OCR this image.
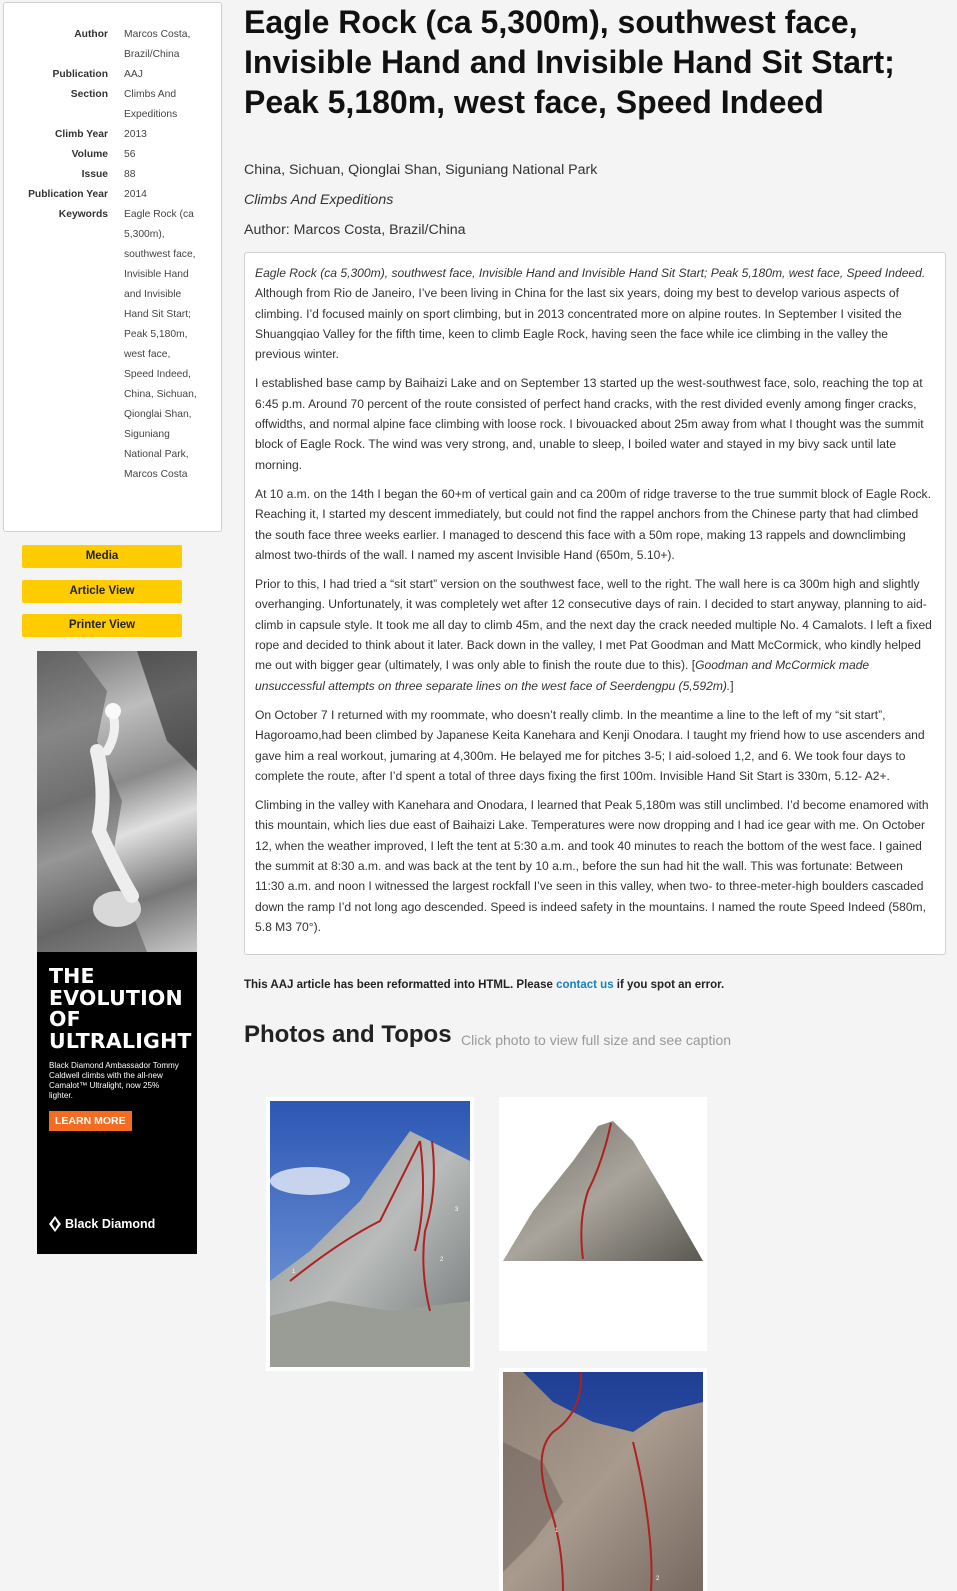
Author	Marcos Costa, Brazil/China
Publication	AAJ
Section	Climbs And Expeditions
Climb Year	2013
Volume	56
Issue	88
Publication Year	2014
Keywords	Eagle Rock (ca 5,300m), southwest face, Invisible Hand and Invisible Hand Sit Start; Peak 5,180m, west face, Speed Indeed, China, Sichuan, Qionglai Shan, Siguniang National Park, Marcos Costa
Media
Article View
Printer View
THE EVOLUTION OF ULTRALIGHT
Black Diamond Ambassador Tommy Caldwell climbs with the all-new Camalot™ Ultralight, now 25% lighter.
LEARN MORE
Black Diamond
Eagle Rock (ca 5,300m), southwest face, Invisible Hand and Invisible Hand Sit Start; Peak 5,180m, west face, Speed Indeed
China, Sichuan, Qionglai Shan, Siguniang National Park
Climbs And Expeditions
Author: Marcos Costa, Brazil/China

Eagle Rock (ca 5,300m), southwest face, Invisible Hand and Invisible Hand Sit Start; Peak 5,180m, west face, Speed Indeed. Although from Rio de Janeiro, I’ve been living in China for the last six years, doing my best to develop various aspects of climbing. I’d focused mainly on sport climbing, but in 2013 concentrated more on alpine routes. In September I visited the Shuangqiao Valley for the fifth time, keen to climb Eagle Rock, having seen the face while ice climbing in the valley the previous winter.

I established base camp by Baihaizi Lake and on September 13 started up the west-southwest face, solo, reaching the top at 6:45 p.m. Around 70 percent of the route consisted of perfect hand cracks, with the rest divided evenly among finger cracks, offwidths, and normal alpine face climbing with loose rock. I bivouacked about 25m away from what I thought was the summit block of Eagle Rock. The wind was very strong, and, unable to sleep, I boiled water and stayed in my bivy sack until late morning.

At 10 a.m. on the 14th I began the 60+m of vertical gain and ca 200m of ridge traverse to the true summit block of Eagle Rock. Reaching it, I started my descent immediately, but could not find the rappel anchors from the Chinese party that had climbed the south face three weeks earlier. I managed to descend this face with a 50m rope, making 13 rappels and downclimbing almost two-thirds of the wall. I named my ascent Invisible Hand (650m, 5.10+).

Prior to this, I had tried a “sit start” version on the southwest face, well to the right. The wall here is ca 300m high and slightly overhanging. Unfortunately, it was completely wet after 12 consecutive days of rain. I decided to start anyway, planning to aid-climb in capsule style. It took me all day to climb 45m, and the next day the crack needed multiple No. 4 Camalots. I left a fixed rope and decided to think about it later. Back down in the valley, I met Pat Goodman and Matt McCormick, who kindly helped me out with bigger gear (ultimately, I was only able to finish the route due to this). [Goodman and McCormick made unsuccessful attempts on three separate lines on the west face of Seerdengpu (5,592m).]

On October 7 I returned with my roommate, who doesn’t really climb. In the meantime a line to the left of my “sit start”, Hagoroamo,had been climbed by Japanese Keita Kanehara and Kenji Onodara. I taught my friend how to use ascenders and gave him a real workout, jumaring at 4,300m. He belayed me for pitches 3-5; I aid-soloed 1,2, and 6. We took four days to complete the route, after I’d spent a total of three days fixing the first 100m. Invisible Hand Sit Start is 330m, 5.12- A2+.

Climbing in the valley with Kanehara and Onodara, I learned that Peak 5,180m was still unclimbed. I’d become enamored with this mountain, which lies due east of Baihaizi Lake. Temperatures were now dropping and I had ice gear with me. On October 12, when the weather improved, I left the tent at 5:30 a.m. and took 40 minutes to reach the bottom of the west face. I gained the summit at 8:30 a.m. and was back at the tent by 10 a.m., before the sun had hit the wall. This was fortunate: Between 11:30 a.m. and noon I witnessed the largest rockfall I’ve seen in this valley, when two- to three-meter-high boulders cascaded down the ramp I’d not long ago descended. Speed is indeed safety in the mountains. I named the route Speed Indeed (580m, 5.8 M3 70°).

This AAJ article has been reformatted into HTML. Please contact us if you spot an error.
Photos and Topos Click photo to view full size and see caption
1
2
3
1
2
